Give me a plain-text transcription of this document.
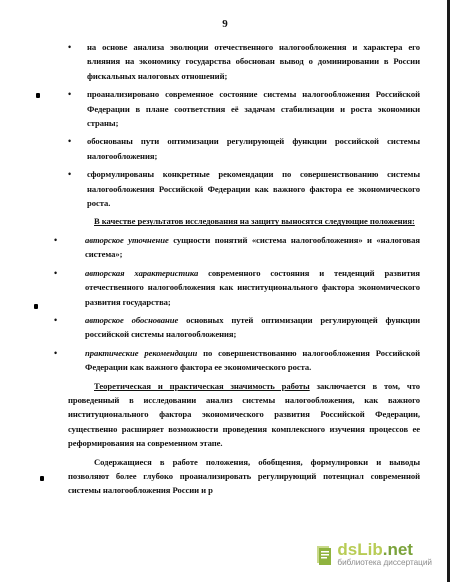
9
• на основе анализа эволюции отечественного налогообложения и характера его влияния на экономику государства обоснован вывод о доминировании в России фискальных налоговых отношений;
• проанализировано современное состояние системы налогообложения Российской Федерации в плане соответствия её задачам стабилизации и роста экономики страны;
• обоснованы пути оптимизации регулирующей функции российской системы налогообложения;
• сформулированы конкретные рекомендации по совершенствованию системы налогообложения Российской Федерации как важного фактора ее экономического роста.
В качестве результатов исследования на защиту выносятся следующие положения:
•	авторское уточнение сущности понятий «система налогообложения» и «налоговая система»;
•	авторская характеристика современного состояния и тенденций развития отечественного налогообложения как институционального фактора экономического развития государства;
•	авторское обоснование основных путей оптимизации регулирующей функции российской системы налогообложения;
•	практические рекомендации по совершенствованию налогообложения Российской Федерации как важного фактора ее экономического роста.
Теоретическая и практическая значимость работы заключается в том, что проведенный в исследовании анализ системы налогообложения, как важного институционального фактора экономического развития Российской Федерации, существенно расширяет возможности проведения комплексного изучения процессов ее реформирования на современном этапе.
Содержащиеся в работе положения, обобщения, формулировки и выводы позволяют более глубоко проанализировать регулирующий потенциал современной системы налогообложения России и р
dsLib.net
библиотека диссертаций
